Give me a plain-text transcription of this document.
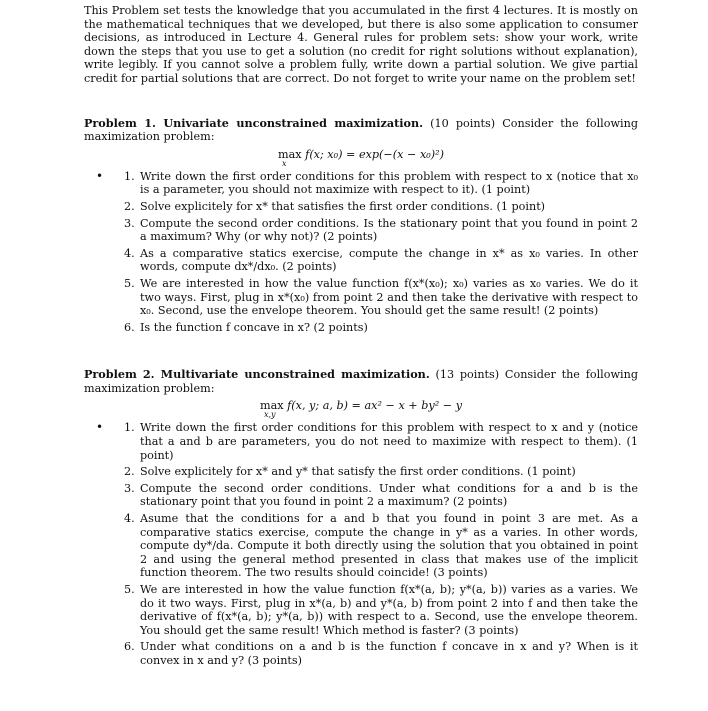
This Problem set tests the knowledge that you accumulated in the first 4 lectures. It is mostly on the mathematical techniques that we developed, but there is also some application to consumer decisions, as introduced in Lecture 4. General rules for problem sets: show your work, write down the steps that you use to get a solution (no credit for right solutions without explanation), write legibly. If you cannot solve a problem fully, write down a partial solution. We give partial credit for partial solutions that are correct. Do not forget to write your name on the problem set!

Problem 1. Univariate unconstrained maximization. (10 points) Consider the following maximization problem:

max
x
f(x; x₀) = exp(−(x − x₀)²)
• 1. Write down the first order conditions for this problem with respect to x (notice that x₀ is a parameter, you should not maximize with respect to it). (1 point)
2. Solve explicitely for x* that satisfies the first order conditions. (1 point)
3. Compute the second order conditions. Is the stationary point that you found in point 2 a maximum? Why (or why not)? (2 points)
4. As a comparative statics exercise, compute the change in x* as x₀ varies. In other words, compute dx*/dx₀. (2 points)
5. We are interested in how the value function f(x*(x₀); x₀) varies as x₀ varies. We do it two ways. First, plug in x*(x₀) from point 2 and then take the derivative with respect to x₀. Second, use the envelope theorem. You should get the same result! (2 points)
6. Is the function f concave in x? (2 points)

Problem 2. Multivariate unconstrained maximization. (13 points) Consider the following maximization problem:

max
x,y
f(x, y; a, b) = ax² − x + by² − y
• 1. Write down the first order conditions for this problem with respect to x and y (notice that a and b are parameters, you do not need to maximize with respect to them). (1 point)
2. Solve explicitely for x* and y* that satisfy the first order conditions. (1 point)
3. Compute the second order conditions. Under what conditions for a and b is the stationary point that you found in point 2 a maximum? (2 points)
4. Asume that the conditions for a and b that you found in point 3 are met. As a comparative statics exercise, compute the change in y* as a varies. In other words, compute dy*/da. Compute it both directly using the solution that you obtained in point 2 and using the general method presented in class that makes use of the implicit function theorem. The two results should coincide! (3 points)
5. We are interested in how the value function f(x*(a, b); y*(a, b)) varies as a varies. We do it two ways. First, plug in x*(a, b) and y*(a, b) from point 2 into f and then take the derivative of f(x*(a, b); y*(a, b)) with respect to a. Second, use the envelope theorem. You should get the same result! Which method is faster? (3 points)
6. Under what conditions on a and b is the function f concave in x and y? When is it convex in x and y? (3 points)
